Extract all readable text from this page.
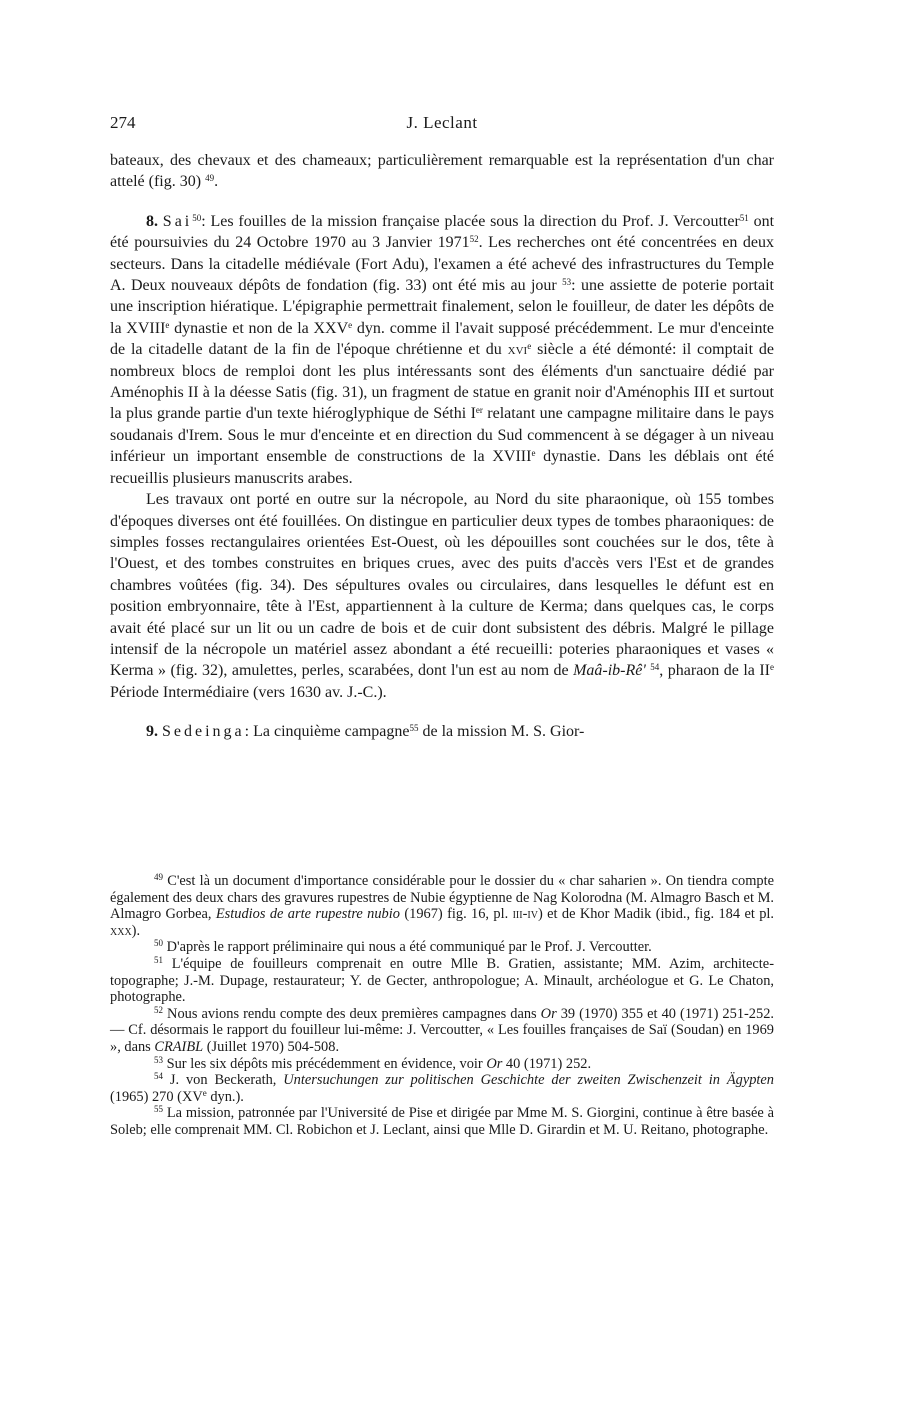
274	J. Leclant

bateaux, des chevaux et des chameaux; particulièrement remarquable est la représentation d'un char attelé (fig. 30) $^{49}$.

8. Sai$^{50}$: Les fouilles de la mission française placée sous la direction du Prof. J. Vercoutter$^{51}$ ont été poursuivies du 24 Octobre 1970 au 3 Janvier 1971$^{52}$. Les recherches ont été concentrées en deux secteurs. Dans la citadelle médiévale (Fort Adu), l'examen a été achevé des infrastructures du Temple A. Deux nouveaux dépôts de fondation (fig. 33) ont été mis au jour $^{53}$: une assiette de poterie portait une inscription hiératique. L'épigraphie permettrait finalement, selon le fouilleur, de dater les dépôts de la XVIIIe dynastie et non de la XXVe dyn. comme il l'avait supposé précédemment. Le mur d'enceinte de la citadelle datant de la fin de l'époque chrétienne et du xvi$^e$ siècle a été démonté: il comptait de nombreux blocs de remploi dont les plus intéressants sont des éléments d'un sanctuaire dédié par Aménophis II à la déesse Satis (fig. 31), un fragment de statue en granit noir d'Aménophis III et surtout la plus grande partie d'un texte hiéroglyphique de Séthi Ier relatant une campagne militaire dans le pays soudanais d'Irem. Sous le mur d'enceinte et en direction du Sud commencent à se dégager à un niveau inférieur un important ensemble de constructions de la XVIIIe dynastie. Dans les déblais ont été recueillis plusieurs manuscrits arabes.

Les travaux ont porté en outre sur la nécropole, au Nord du site pharaonique, où 155 tombes d'époques diverses ont été fouillées. On distingue en particulier deux types de tombes pharaoniques: de simples fosses rectangulaires orientées Est-Ouest, où les dépouilles sont couchées sur le dos, tête à l'Ouest, et des tombes construites en briques crues, avec des puits d'accès vers l'Est et de grandes chambres voûtées (fig. 34). Des sépultures ovales ou circulaires, dans lesquelles le défunt est en position embryonnaire, tête à l'Est, appartiennent à la culture de Kerma; dans quelques cas, le corps avait été placé sur un lit ou un cadre de bois et de cuir dont subsistent des débris. Malgré le pillage intensif de la nécropole un matériel assez abondant a été recueilli: poteries pharaoniques et vases « Kerma » (fig. 32), amulettes, perles, scarabées, dont l'un est au nom de Maâ-ib-Rê' $^{54}$, pharaon de la IIe Période Intermédiaire (vers 1630 av. J.-C.).

9. Sedeinga: La cinquième campagne$^{55}$ de la mission M. S. Gior-

$^{49}$ C'est là un document d'importance considérable pour le dossier du « char saharien ». On tiendra compte également des deux chars des gravures rupestres de Nubie égyptienne de Nag Kolorodna (M. Almagro Basch et M. Almagro Gorbea, Estudios de arte rupestre nubio (1967) fig. 16, pl. iii-iv) et de Khor Madik (ibid., fig. 184 et pl. xxx).

$^{50}$ D'après le rapport préliminaire qui nous a été communiqué par le Prof. J. Vercoutter.

$^{51}$ L'équipe de fouilleurs comprenait en outre Mlle B. Gratien, assistante; MM. Azim, architecte-topographe; J.-M. Dupage, restaurateur; Y. de Gecter, anthropologue; A. Minault, archéologue et G. Le Chaton, photographe.

$^{52}$ Nous avions rendu compte des deux premières campagnes dans Or 39 (1970) 355 et 40 (1971) 251-252. — Cf. désormais le rapport du fouilleur lui-même: J. Vercoutter, « Les fouilles françaises de Saï (Soudan) en 1969 », dans CRAIBL (Juillet 1970) 504-508.

$^{53}$ Sur les six dépôts mis précédemment en évidence, voir Or 40 (1971) 252.

$^{54}$ J. von Beckerath, Untersuchungen zur politischen Geschichte der zweiten Zwischenzeit in Ägypten (1965) 270 (XVe dyn.).

$^{55}$ La mission, patronnée par l'Université de Pise et dirigée par Mme M. S. Giorgini, continue à être basée à Soleb; elle comprenait MM. Cl. Robichon et J. Leclant, ainsi que Mlle D. Girardin et M. U. Reitano, photographe.
